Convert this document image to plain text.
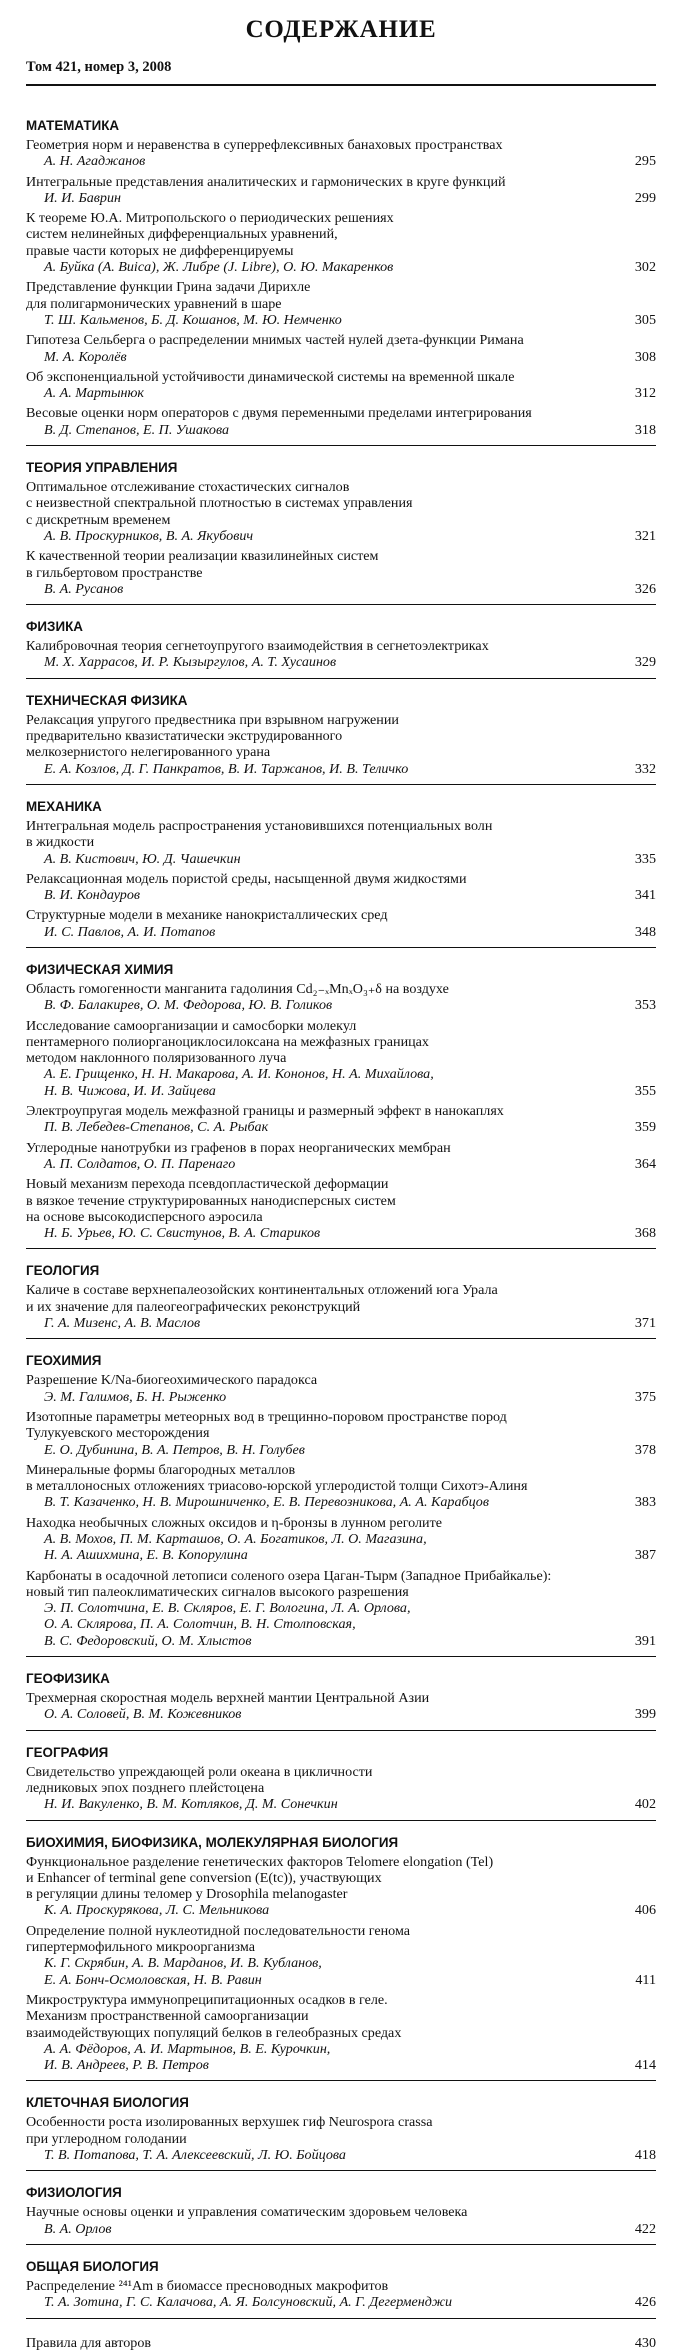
СОДЕРЖАНИЕ
Том 421, номер 3, 2008
МАТЕМАТИКА
Геометрия норм и неравенства в суперрефлексивных банаховых пространствах
А. Н. Агаджанов	295
Интегральные представления аналитических и гармонических в круге функций
И. И. Баврин	299
К теореме Ю.А. Митропольского о периодических решениях
систем нелинейных дифференциальных уравнений,
правые части которых не дифференцируемы
А. Буйка (A. Buica), Ж. Либре (J. Libre), О. Ю. Макаренков	302
Представление функции Грина задачи Дирихле
для полигармонических уравнений в шаре
Т. Ш. Кальменов, Б. Д. Кошанов, М. Ю. Немченко	305
Гипотеза Сельберга о распределении мнимых частей нулей дзета-функции Римана
М. А. Королёв	308
Об экспоненциальной устойчивости динамической системы на временной шкале
А. А. Мартынюк	312
Весовые оценки норм операторов с двумя переменными пределами интегрирования
В. Д. Степанов, Е. П. Ушакова	318
ТЕОРИЯ УПРАВЛЕНИЯ
Оптимальное отслеживание стохастических сигналов
с неизвестной спектральной плотностью в системах управления
с дискретным временем
А. В. Проскурников, В. А. Якубович	321
К качественной теории реализации квазилинейных систем
в гильбертовом пространстве
В. А. Русанов	326
ФИЗИКА
Калибровочная теория сегнетоупругого взаимодействия в сегнетоэлектриках
М. Х. Харрасов, И. Р. Кызыргулов, А. Т. Хусаинов	329
ТЕХНИЧЕСКАЯ ФИЗИКА
Релаксация упругого предвестника при взрывном нагружении
предварительно квазистатически экструдированного
мелкозернистого нелегированного урана
Е. А. Козлов, Д. Г. Панкратов, В. И. Таржанов, И. В. Теличко	332
МЕХАНИКА
Интегральная модель распространения установившихся потенциальных волн
в жидкости
А. В. Кистович, Ю. Д. Чашечкин	335
Релаксационная модель пористой среды, насыщенной двумя жидкостями
В. И. Кондауров	341
Структурные модели в механике нанокристаллических сред
И. С. Павлов, А. И. Потапов	348
ФИЗИЧЕСКАЯ ХИМИЯ
Область гомогенности манганита гадолиния Cd₂₋ₓMnₓO₃₊δ на воздухе
В. Ф. Балакирев, О. М. Федорова, Ю. В. Голиков	353
Исследование самоорганизации и самосборки молекул
пентамерного полиорганоциклосилоксана на межфазных границах
методом наклонного поляризованного луча
А. Е. Грищенко, Н. Н. Макарова, А. И. Кононов, Н. А. Михайлова,
Н. В. Чижова, И. И. Зайцева	355
Электроупругая модель межфазной границы и размерный эффект в нанокаплях
П. В. Лебедев-Степанов, С. А. Рыбак	359
Углеродные нанотрубки из графенов в порах неорганических мембран
А. П. Солдатов, О. П. Паренаго	364
Новый механизм перехода псевдопластической деформации
в вязкое течение структурированных нанодисперсных систем
на основе высокодисперсного аэросила
Н. Б. Урьев, Ю. С. Свистунов, В. А. Стариков	368
ГЕОЛОГИЯ
Каличе в составе верхнепалеозойских континентальных отложений юга Урала
и их значение для палеогеографических реконструкций
Г. А. Мизенс, А. В. Маслов	371
ГЕОХИМИЯ
Разрешение K/Na-биогеохимического парадокса
Э. М. Галимов, Б. Н. Рыженко	375
Изотопные параметры метеорных вод в трещинно-поровом пространстве пород
Тулукуевского месторождения
Е. О. Дубинина, В. А. Петров, В. Н. Голубев	378
Минеральные формы благородных металлов
в металлоносных отложениях триасово-юрской углеродистой толщи Сихотэ-Алиня
В. Т. Казаченко, Н. В. Мирошниченко, Е. В. Перевозникова, А. А. Карабцов	383
Находка необычных сложных оксидов и η-бронзы в лунном реголите
А. В. Мохов, П. М. Карташов, О. А. Богатиков, Л. О. Магазина,
Н. А. Ашихмина, Е. В. Копорулина	387
Карбонаты в осадочной летописи соленого озера Цаган-Тырм (Западное Прибайкалье):
новый тип палеоклиматических сигналов высокого разрешения
Э. П. Солотчина, Е. В. Скляров, Е. Г. Вологина, Л. А. Орлова,
О. А. Склярова, П. А. Солотчин, В. Н. Столповская,
В. С. Федоровский, О. М. Хлыстов	391
ГЕОФИЗИКА
Трехмерная скоростная модель верхней мантии Центральной Азии
О. А. Соловей, В. М. Кожевников	399
ГЕОГРАФИЯ
Свидетельство упреждающей роли океана в цикличности
ледниковых эпох позднего плейстоцена
Н. И. Вакуленко, В. М. Котляков, Д. М. Сонечкин	402
БИОХИМИЯ, БИОФИЗИКА, МОЛЕКУЛЯРНАЯ БИОЛОГИЯ
Функциональное разделение генетических факторов Telomere elongation (Tel)
и Enhancer of terminal gene conversion (E(tc)), участвующих
в регуляции длины теломер у Drosophila melanogaster
К. А. Проскурякова, Л. С. Мельникова	406
Определение полной нуклеотидной последовательности генома
гипертермофильного микроорганизма
К. Г. Скрябин, А. В. Марданов, И. В. Кубланов,
Е. А. Бонч-Осмоловская, Н. В. Равин	411
Микроструктура иммунопреципитационных осадков в геле.
Механизм пространственной самоорганизации
взаимодействующих популяций белков в гелеобразных средах
А. А. Фёдоров, А. И. Мартынов, В. Е. Курочкин,
И. В. Андреев, Р. В. Петров	414
КЛЕТОЧНАЯ БИОЛОГИЯ
Особенности роста изолированных верхушек гиф Neurospora crassa
при углеродном голодании
Т. В. Потапова, Т. А. Алексеевский, Л. Ю. Бойцова	418
ФИЗИОЛОГИЯ
Научные основы оценки и управления соматическим здоровьем человека
В. А. Орлов	422
ОБЩАЯ БИОЛОГИЯ
Распределение ²⁴¹Am в биомассе пресноводных макрофитов
Т. А. Зотина, Г. С. Калачова, А. Я. Болсуновский, А. Г. Дегерменджи	426
Правила для авторов	430
